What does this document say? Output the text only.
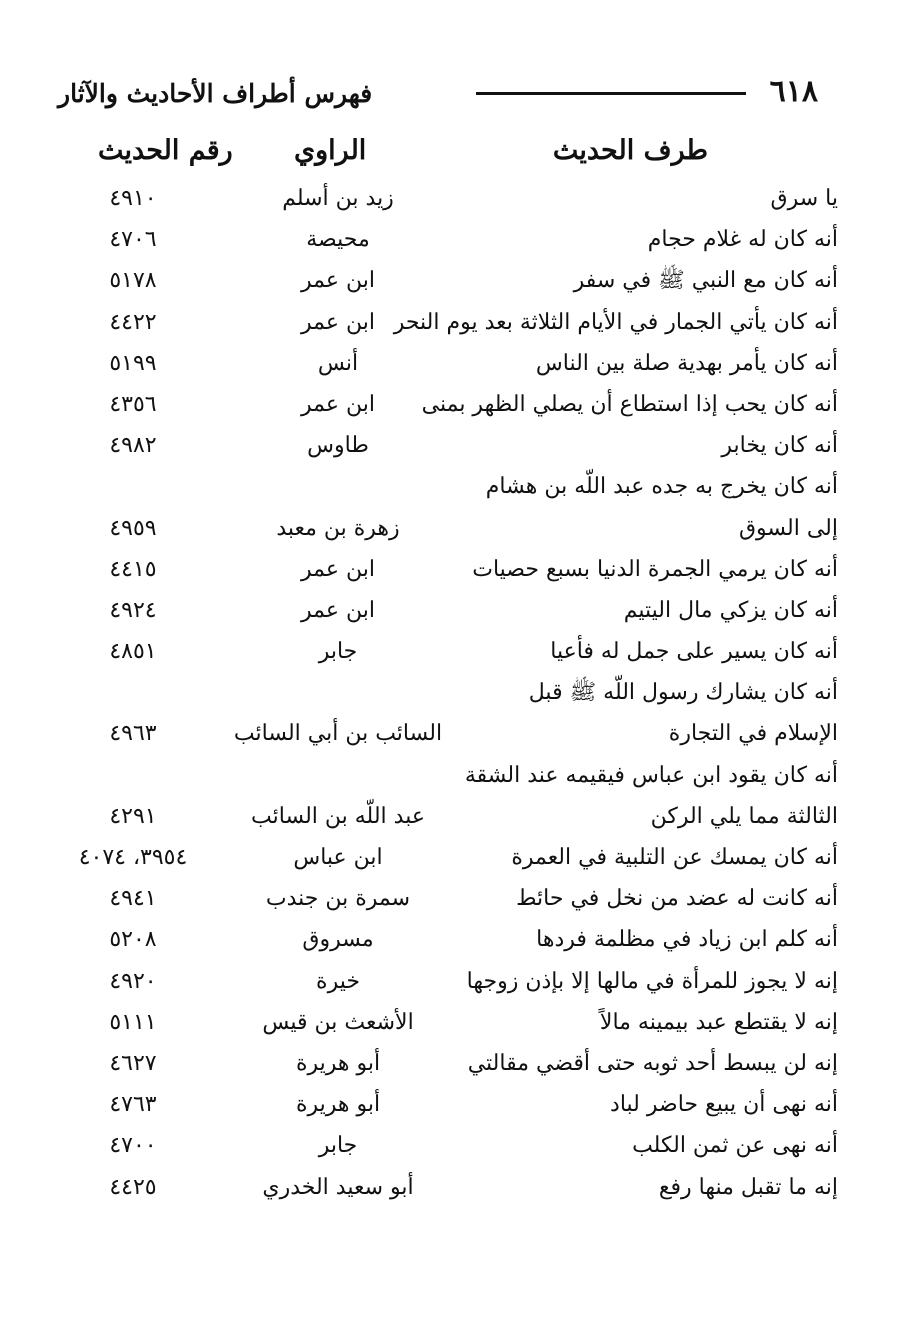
٦١٨
فهرس أطراف الأحاديث والآثار
طرف الحديث
الراوي
رقم الحديث
يا سرق
زيد بن أسلم
٤٩١٠
أنه كان له غلام حجام
محيصة
٤٧٠٦
أنه كان مع النبي ﷺ في سفر
ابن عمر
٥١٧٨
أنه كان يأتي الجمار في الأيام الثلاثة بعد يوم النحر
ابن عمر
٤٤٢٢
أنه كان يأمر بهدية صلة بين الناس
أنس
٥١٩٩
أنه كان يحب إذا استطاع أن يصلي الظهر بمنى
ابن عمر
٤٣٥٦
أنه كان يخابر
طاوس
٤٩٨٢
أنه كان يخرج به جده عبد اللّه بن هشام
إلى السوق
زهرة بن معبد
٤٩٥٩
أنه كان يرمي الجمرة الدنيا بسبع حصيات
ابن عمر
٤٤١٥
أنه كان يزكي مال اليتيم
ابن عمر
٤٩٢٤
أنه كان يسير على جمل له فأعيا
جابر
٤٨٥١
أنه كان يشارك رسول اللّه ﷺ قبل
الإسلام في التجارة
السائب بن أبي السائب
٤٩٦٣
أنه كان يقود ابن عباس فيقيمه عند الشقة
الثالثة مما يلي الركن
عبد اللّه بن السائب
٤٢٩١
أنه كان يمسك عن التلبية في العمرة
ابن عباس
٣٩٥٤، ٤٠٧٤
أنه كانت له عضد من نخل في حائط
سمرة بن جندب
٤٩٤١
أنه كلم ابن زياد في مظلمة فردها
مسروق
٥٢٠٨
إنه لا يجوز للمرأة في مالها إلا بإذن زوجها
خيرة
٤٩٢٠
إنه لا يقتطع عبد بيمينه مالاً
الأشعث بن قيس
٥١١١
إنه لن يبسط أحد ثوبه حتى أقضي مقالتي
أبو هريرة
٤٦٢٧
أنه نهى أن يبيع حاضر لباد
أبو هريرة
٤٧٦٣
أنه نهى عن ثمن الكلب
جابر
٤٧٠٠
إنه ما تقبل منها رفع
أبو سعيد الخدري
٤٤٢٥
